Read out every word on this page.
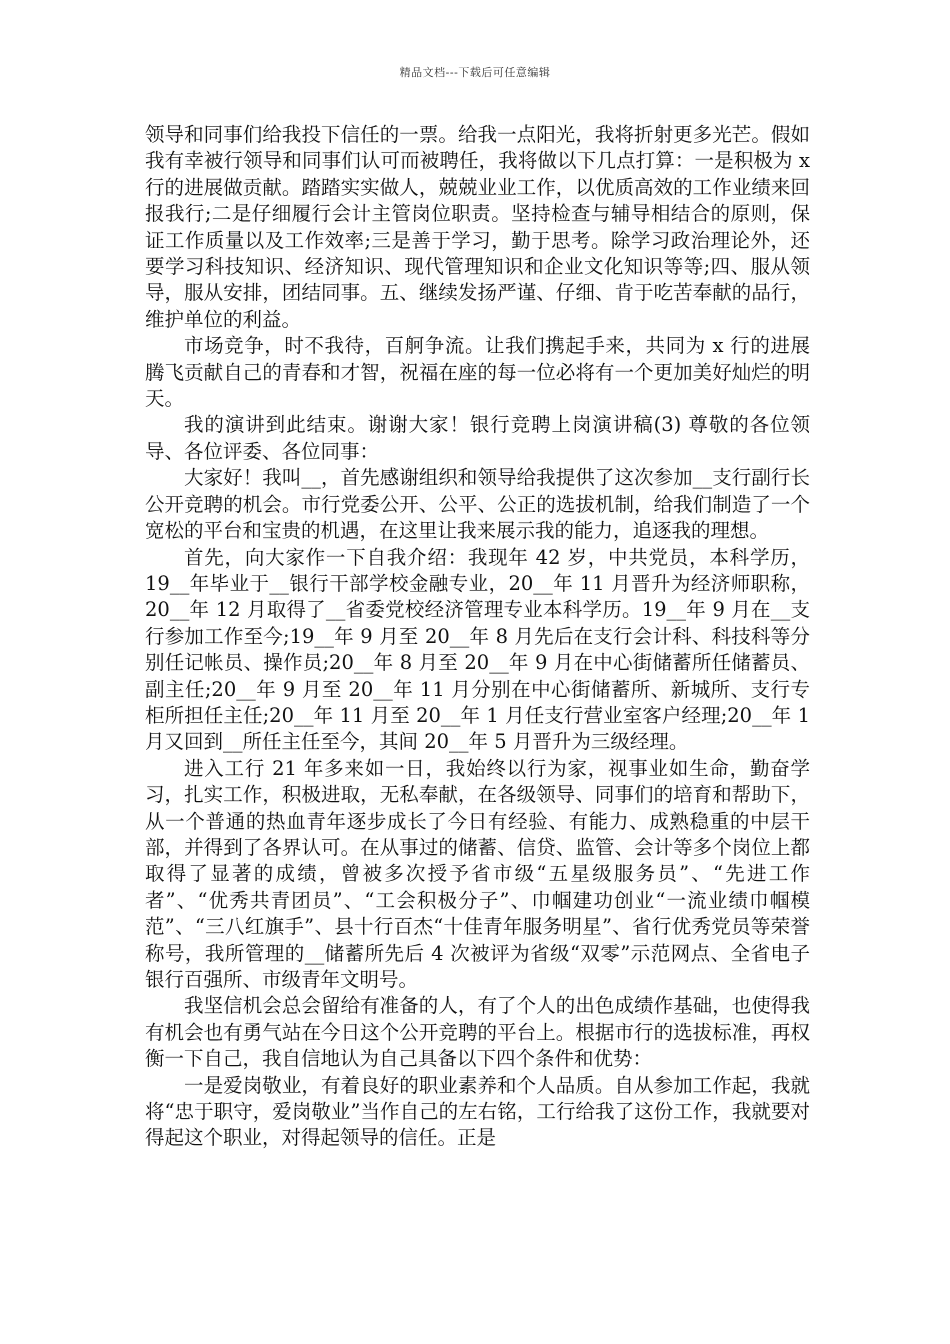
精品文档---下载后可任意编辑

领导和同事们给我投下信任的一票。给我一点阳光，我将折射更多光芒。假如我有幸被行领导和同事们认可而被聘任，我将做以下几点打算：一是积极为 x 行的进展做贡献。踏踏实实做人，兢兢业业工作，以优质高效的工作业绩来回报我行;二是仔细履行会计主管岗位职责。坚持检查与辅导相结合的原则，保证工作质量以及工作效率;三是善于学习，勤于思考。除学习政治理论外，还要学习科技知识、经济知识、现代管理知识和企业文化知识等等;四、服从领导，服从安排，团结同事。五、继续发扬严谨、仔细、肯于吃苦奉献的品行，维护单位的利益。

市场竞争，时不我待，百舸争流。让我们携起手来，共同为 x 行的进展腾飞贡献自己的青春和才智，祝福在座的每一位必将有一个更加美好灿烂的明天。

我的演讲到此结束。谢谢大家！银行竞聘上岗演讲稿(3) 尊敬的各位领导、各位评委、各位同事：

大家好！我叫__，首先感谢组织和领导给我提供了这次参加__支行副行长公开竞聘的机会。市行党委公开、公平、公正的选拔机制，给我们制造了一个宽松的平台和宝贵的机遇，在这里让我来展示我的能力，追逐我的理想。

首先，向大家作一下自我介绍：我现年 42 岁，中共党员，本科学历，19__年毕业于__银行干部学校金融专业，20__年 11 月晋升为经济师职称，20__年 12 月取得了__省委党校经济管理专业本科学历。19__年 9 月在__支行参加工作至今;19__年 9 月至 20__年 8 月先后在支行会计科、科技科等分别任记帐员、操作员;20__年 8 月至 20__年 9 月在中心街储蓄所任储蓄员、副主任;20__年 9 月至 20__年 11 月分别在中心街储蓄所、新城所、支行专柜所担任主任;20__年 11 月至 20__年 1 月任支行营业室客户经理;20__年 1 月又回到__所任主任至今，其间 20__年 5 月晋升为三级经理。

进入工行 21 年多来如一日，我始终以行为家，视事业如生命，勤奋学习，扎实工作，积极进取，无私奉献，在各级领导、同事们的培育和帮助下，从一个普通的热血青年逐步成长了今日有经验、有能力、成熟稳重的中层干部，并得到了各界认可。在从事过的储蓄、信贷、监管、会计等多个岗位上都取得了显著的成绩，曾被多次授予省市级“五星级服务员”、“先进工作者”、“优秀共青团员”、“工会积极分子”、巾帼建功创业“一流业绩巾帼模范”、“三八红旗手”、县十行百杰“十佳青年服务明星”、省行优秀党员等荣誉称号，我所管理的__储蓄所先后 4 次被评为省级“双零”示范网点、全省电子银行百强所、市级青年文明号。

我坚信机会总会留给有准备的人，有了个人的出色成绩作基础，也使得我有机会也有勇气站在今日这个公开竞聘的平台上。根据市行的选拔标准，再权衡一下自己，我自信地认为自己具备以下四个条件和优势：

一是爱岗敬业，有着良好的职业素养和个人品质。自从参加工作起，我就将“忠于职守，爱岗敬业”当作自己的左右铭，工行给我了这份工作，我就要对得起这个职业，对得起领导的信任。正是
